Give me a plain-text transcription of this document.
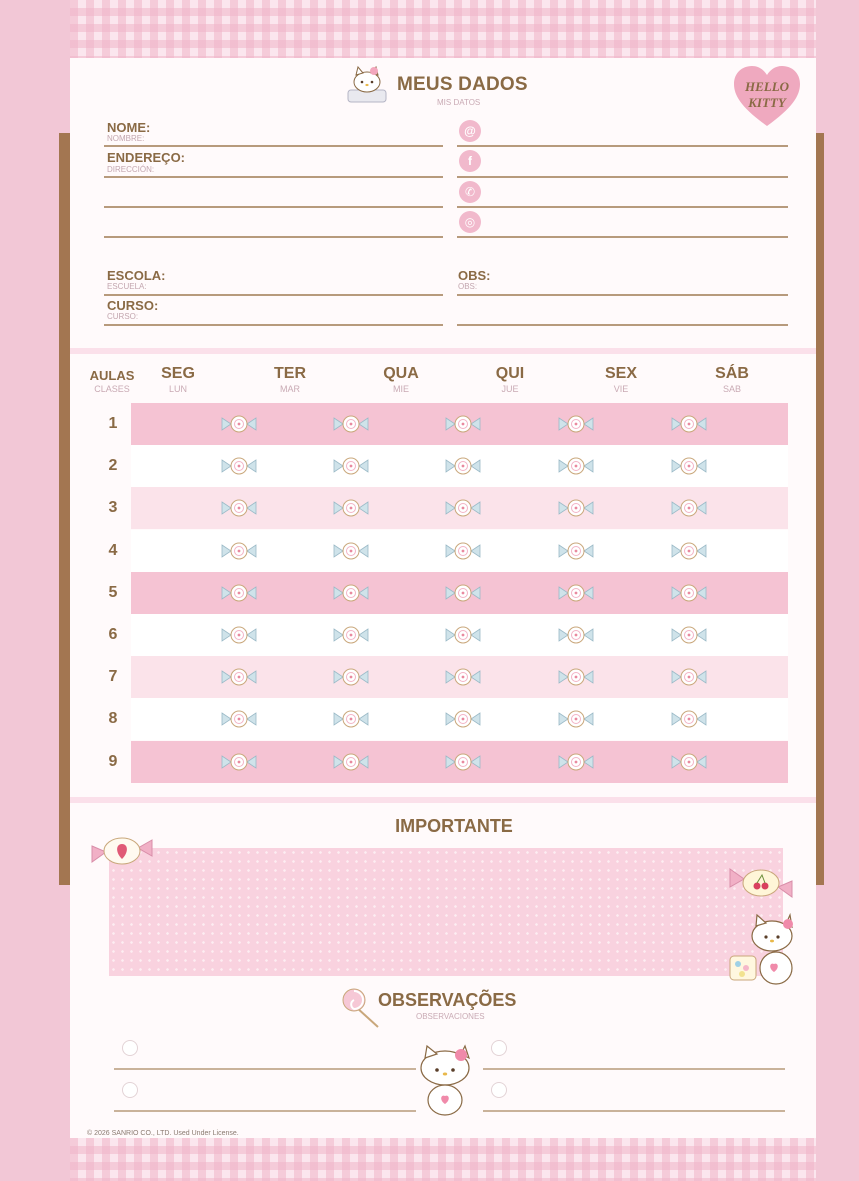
MEUS DADOS
MIS DATOS
HELLO
KITTY
NOME:
NOMBRE:
ENDEREÇO:
DIRECCIÓN:
@
f
✆
◎
ESCOLA:
ESCUELA:
CURSO:
CURSO:
OBS:
OBS:
AULAS
CLASES
SEG
LUN
TER
MAR
QUA
MIE
QUI
JUE
SEX
VIE
SÁB
SAB
1
2
3
4
5
6
7
8
9
IMPORTANTE
OBSERVAÇÕES
OBSERVACIONES
© 2026 SANRIO CO., LTD. Used Under License.
